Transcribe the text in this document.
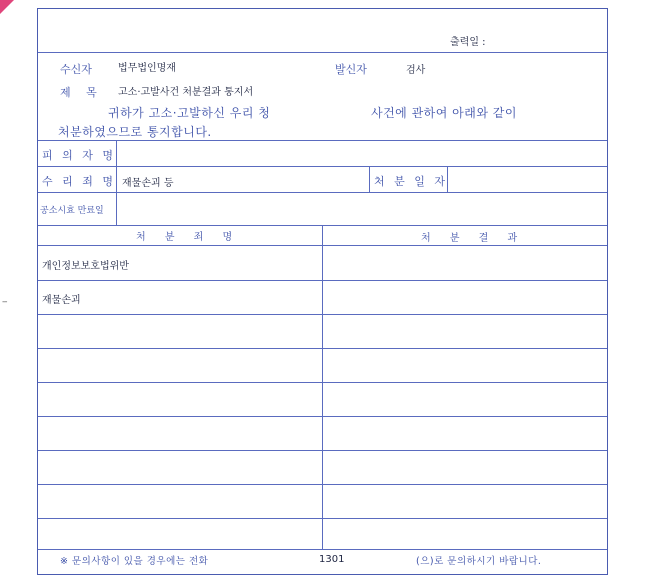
--
출력일 :
수신자	법무법인명재	발신자	검사
제 목 고소·고발사건 처분결과 통지서
귀하가 고소·고발하신 우리 청	사건에 관하여 아래와 같이
처분하였으므로 통지합니다.
피 의 자 명
수 리 죄 명 재물손괴 등	처 분 일 자
공소시효 만료일
처 분 죄 명	처 분 결 과
개인정보보호법위반
재물손괴
※ 문의사항이 있을 경우에는 전화	1301	(으)로 문의하시기 바랍니다.
